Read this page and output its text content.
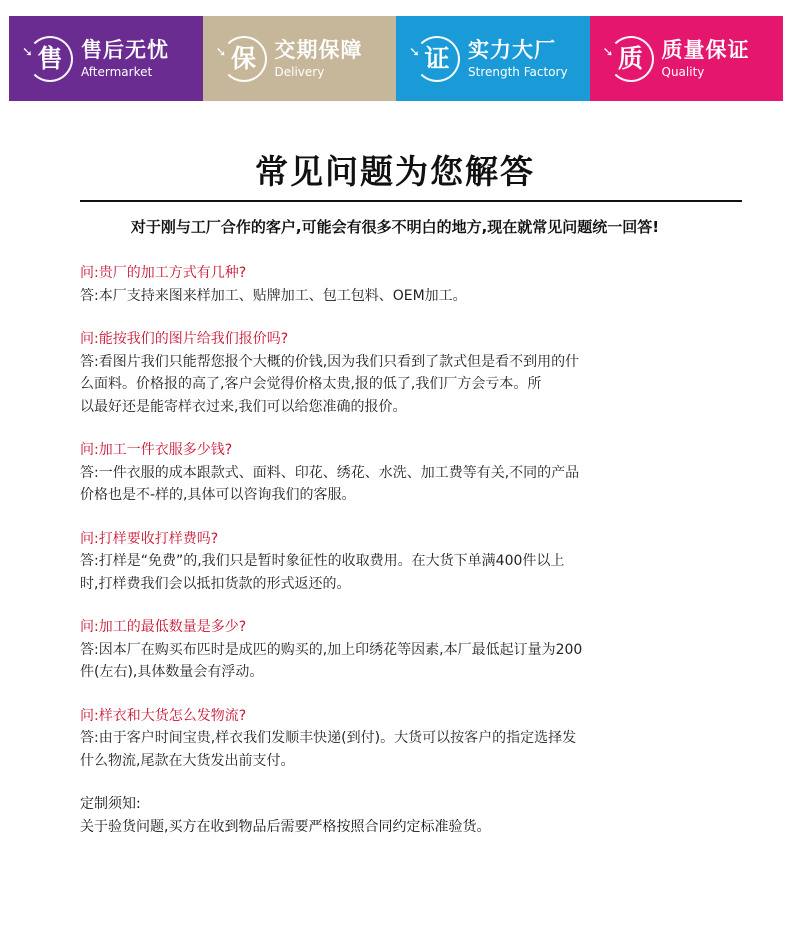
➘ 售 售后无忧
Aftermarket
➘ 保 交期保障
Delivery
➘ 证 实力大厂
Strength Factory
➘ 质 质量保证
Quality
常见问题为您解答
对于刚与工厂合作的客户,可能会有很多不明白的地方,现在就常见问题统一回答!
问:贵厂的加工方式有几种?
答:本厂支持来图来样加工、贴牌加工、包工包料、OEM加工。
问:能按我们的图片给我们报价吗?
答:看图片我们只能帮您报个大概的价钱,因为我们只看到了款式但是看不到用的什
么面料。价格报的高了,客户会觉得价格太贵,报的低了,我们厂方会亏本。所
以最好还是能寄样衣过来,我们可以给您准确的报价。
问:加工一件衣服多少钱?
答:一件衣服的成本跟款式、面料、印花、绣花、水洗、加工费等有关,不同的产品
价格也是不-样的,具体可以咨询我们的客服。
问:打样要收打样费吗?
答:打样是“免费”的,我们只是暂时象征性的收取费用。在大货下单满400件以上
时,打样费我们会以抵扣货款的形式返还的。
问:加工的最低数量是多少?
答:因本厂在购买布匹时是成匹的购买的,加上印绣花等因素,本厂最低起订量为200
件(左右),具体数量会有浮动。
问:样衣和大货怎么发物流?
答:由于客户时间宝贵,样衣我们发顺丰快递(到付)。大货可以按客户的指定选择发
什么物流,尾款在大货发出前支付。
定制须知:
关于验货问题,买方在收到物品后需要严格按照合同约定标准验货。
